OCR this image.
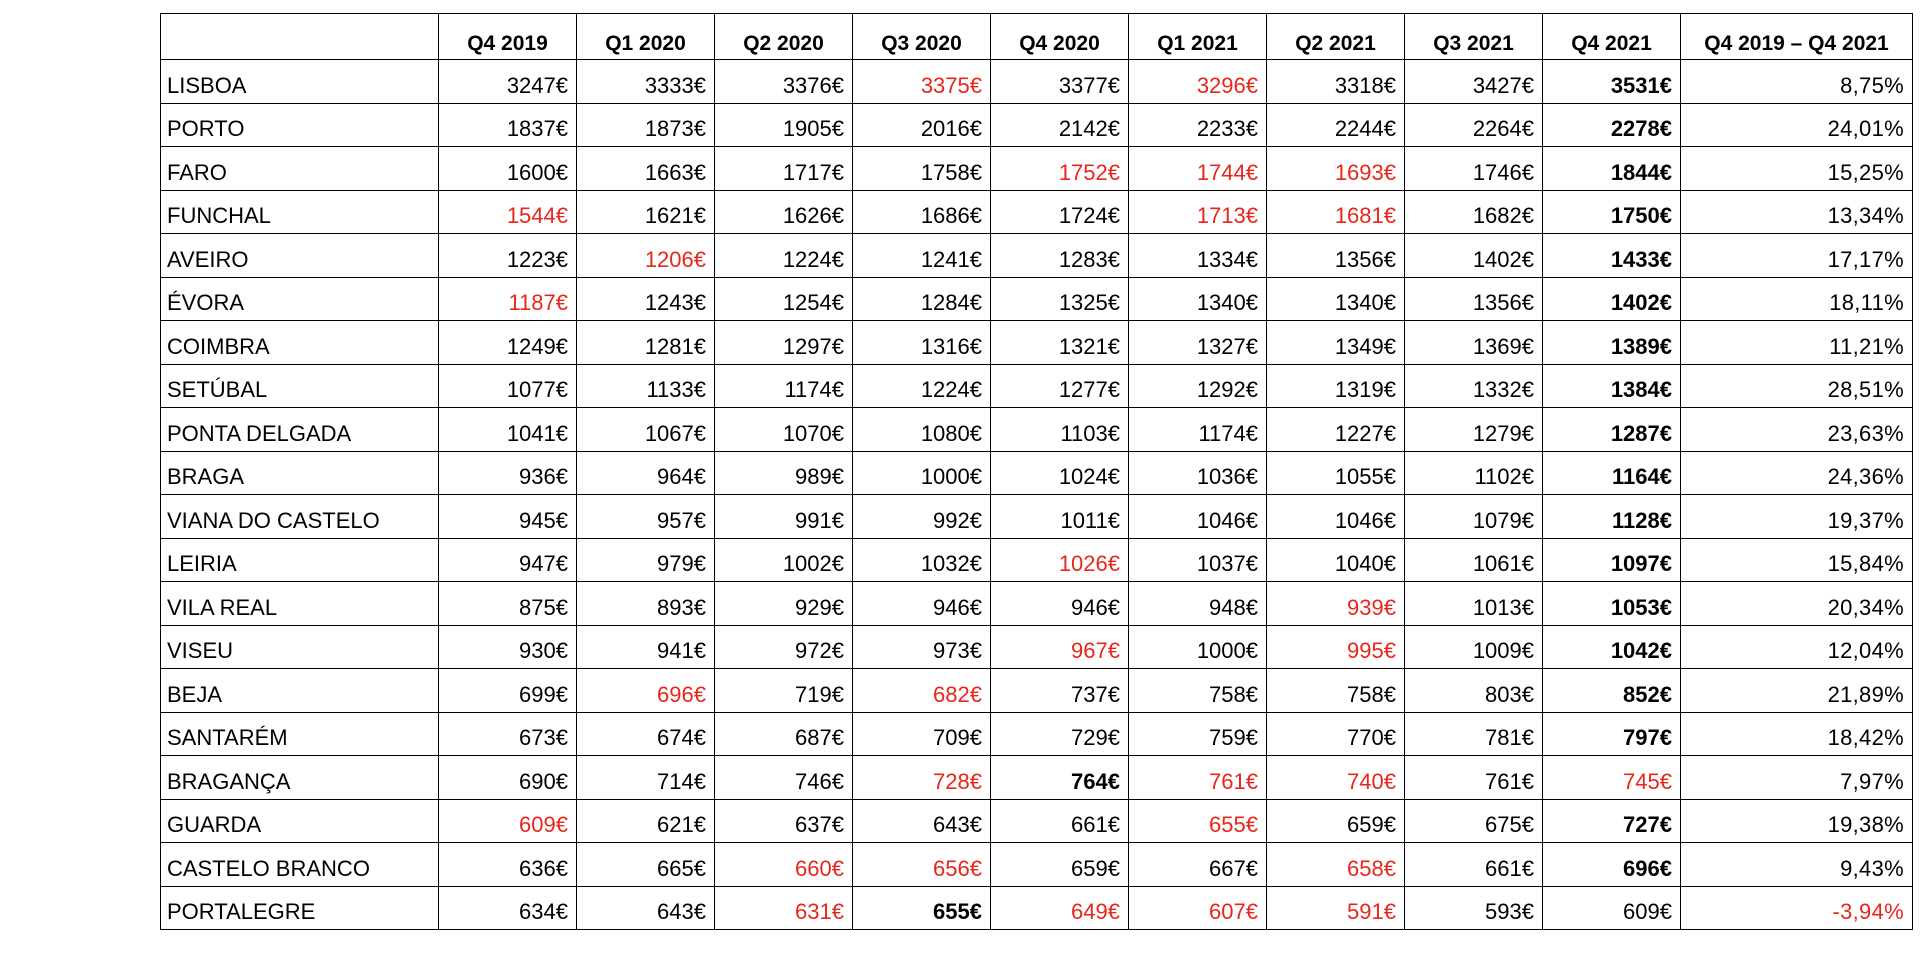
	Q4 2019	Q1 2020	Q2 2020	Q3 2020	Q4 2020	Q1 2021	Q2 2021	Q3 2021	Q4 2021	Q4 2019 – Q4 2021
LISBOA	3247€	3333€	3376€	3375€	3377€	3296€	3318€	3427€	3531€	8,75%
PORTO	1837€	1873€	1905€	2016€	2142€	2233€	2244€	2264€	2278€	24,01%
FARO	1600€	1663€	1717€	1758€	1752€	1744€	1693€	1746€	1844€	15,25%
FUNCHAL	1544€	1621€	1626€	1686€	1724€	1713€	1681€	1682€	1750€	13,34%
AVEIRO	1223€	1206€	1224€	1241€	1283€	1334€	1356€	1402€	1433€	17,17%
ÉVORA	1187€	1243€	1254€	1284€	1325€	1340€	1340€	1356€	1402€	18,11%
COIMBRA	1249€	1281€	1297€	1316€	1321€	1327€	1349€	1369€	1389€	11,21%
SETÚBAL	1077€	1133€	1174€	1224€	1277€	1292€	1319€	1332€	1384€	28,51%
PONTA DELGADA	1041€	1067€	1070€	1080€	1103€	1174€	1227€	1279€	1287€	23,63%
BRAGA	936€	964€	989€	1000€	1024€	1036€	1055€	1102€	1164€	24,36%
VIANA DO CASTELO	945€	957€	991€	992€	1011€	1046€	1046€	1079€	1128€	19,37%
LEIRIA	947€	979€	1002€	1032€	1026€	1037€	1040€	1061€	1097€	15,84%
VILA REAL	875€	893€	929€	946€	946€	948€	939€	1013€	1053€	20,34%
VISEU	930€	941€	972€	973€	967€	1000€	995€	1009€	1042€	12,04%
BEJA	699€	696€	719€	682€	737€	758€	758€	803€	852€	21,89%
SANTARÉM	673€	674€	687€	709€	729€	759€	770€	781€	797€	18,42%
BRAGANÇA	690€	714€	746€	728€	764€	761€	740€	761€	745€	7,97%
GUARDA	609€	621€	637€	643€	661€	655€	659€	675€	727€	19,38%
CASTELO BRANCO	636€	665€	660€	656€	659€	667€	658€	661€	696€	9,43%
PORTALEGRE	634€	643€	631€	655€	649€	607€	591€	593€	609€	-3,94%
